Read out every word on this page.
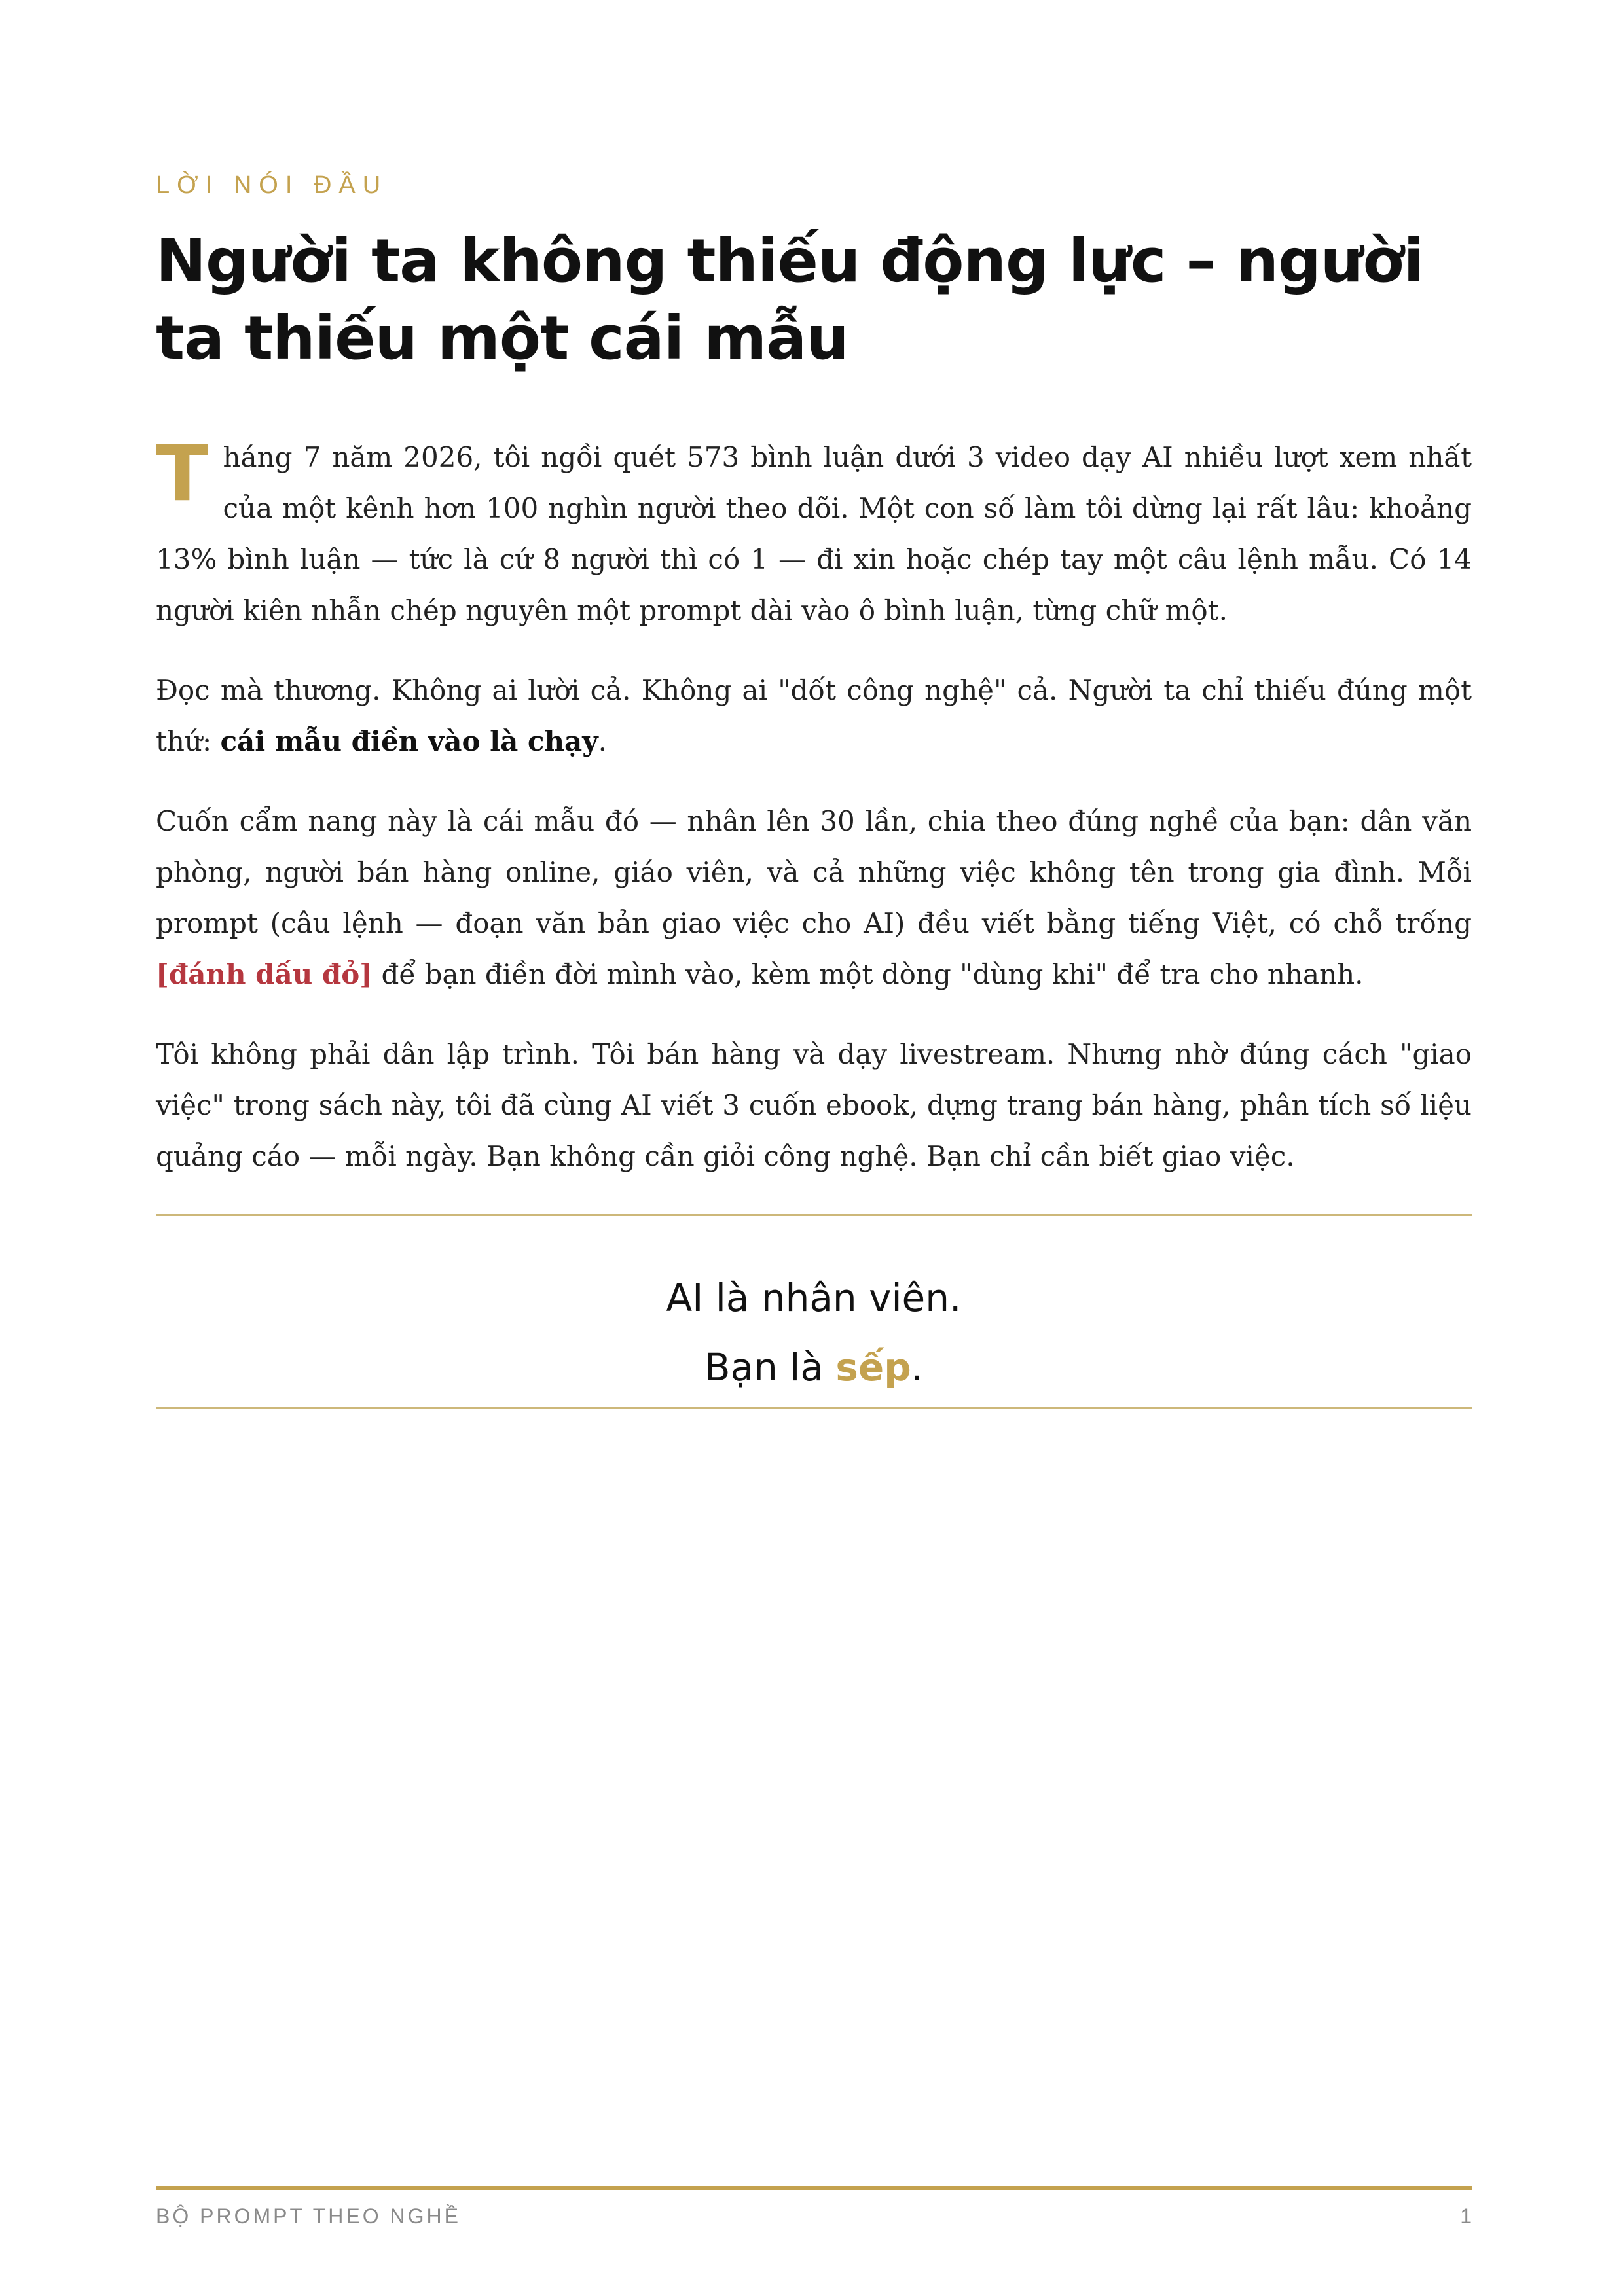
LỜI NÓI ĐẦU
Người ta không thiếu động lực – người ta thiếu một cái mẫu

Tháng 7 năm 2026, tôi ngồi quét 573 bình luận dưới 3 video dạy AI nhiều lượt xem nhất của một kênh hơn 100 nghìn người theo dõi. Một con số làm tôi dừng lại rất lâu: khoảng 13% bình luận — tức là cứ 8 người thì có 1 — đi xin hoặc chép tay một câu lệnh mẫu. Có 14 người kiên nhẫn chép nguyên một prompt dài vào ô bình luận, từng chữ một.

Đọc mà thương. Không ai lười cả. Không ai "dốt công nghệ" cả. Người ta chỉ thiếu đúng một thứ: cái mẫu điền vào là chạy.

Cuốn cẩm nang này là cái mẫu đó — nhân lên 30 lần, chia theo đúng nghề của bạn: dân văn phòng, người bán hàng online, giáo viên, và cả những việc không tên trong gia đình. Mỗi prompt (câu lệnh — đoạn văn bản giao việc cho AI) đều viết bằng tiếng Việt, có chỗ trống [đánh dấu đỏ] để bạn điền đời mình vào, kèm một dòng "dùng khi" để tra cho nhanh.

Tôi không phải dân lập trình. Tôi bán hàng và dạy livestream. Nhưng nhờ đúng cách "giao việc" trong sách này, tôi đã cùng AI viết 3 cuốn ebook, dựng trang bán hàng, phân tích số liệu quảng cáo — mỗi ngày. Bạn không cần giỏi công nghệ. Bạn chỉ cần biết giao việc.

AI là nhân viên.
Bạn là sếp.
BỘ PROMPT THEO NGHỀ	1
